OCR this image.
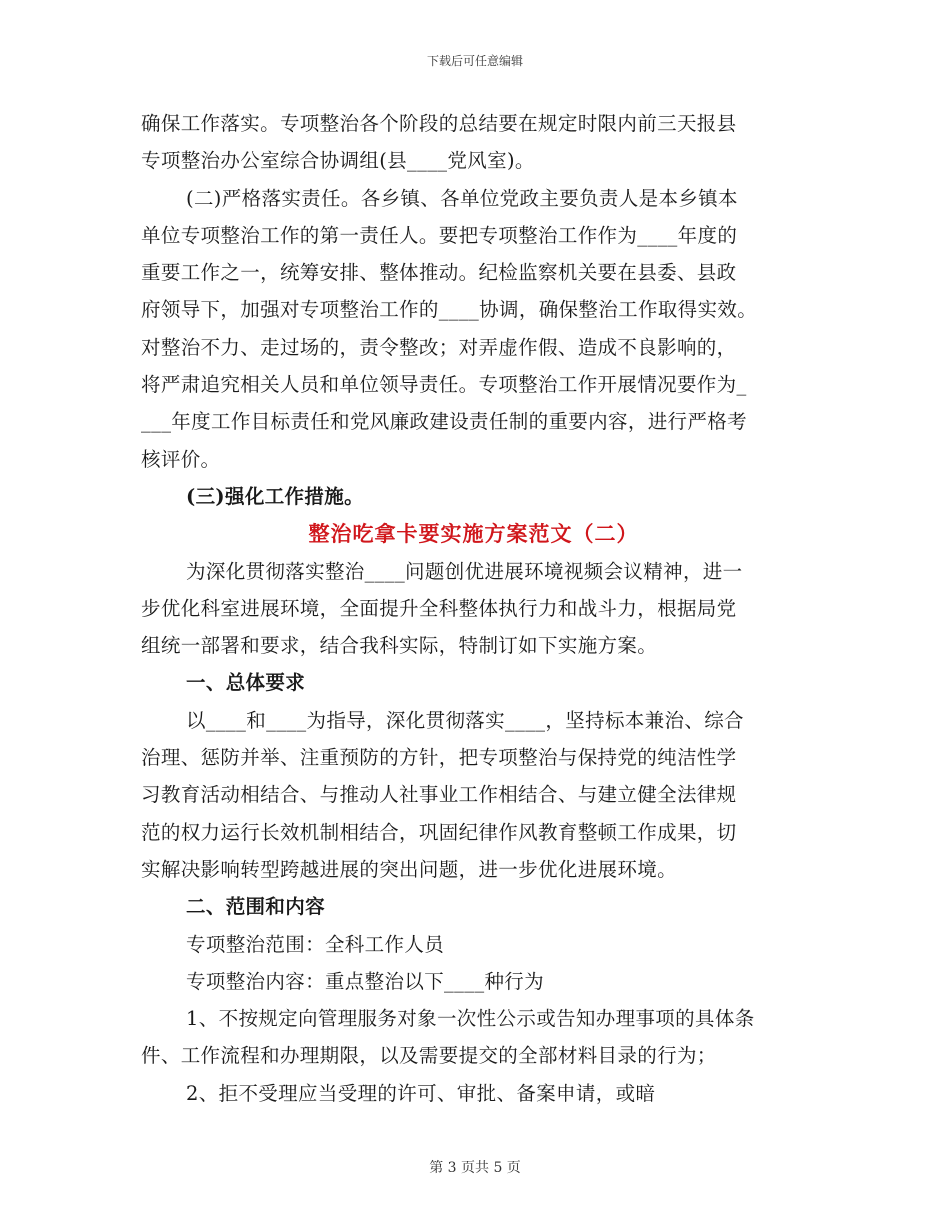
下载后可任意编辑
确保工作落实。专项整治各个阶段的总结要在规定时限内前三天报县
专项整治办公室综合协调组(县____党风室)。
(二)严格落实责任。各乡镇、各单位党政主要负责人是本乡镇本
单位专项整治工作的第一责任人。要把专项整治工作作为____年度的
重要工作之一，统筹安排、整体推动。纪检监察机关要在县委、县政
府领导下，加强对专项整治工作的____协调，确保整治工作取得实效。
对整治不力、走过场的，责令整改；对弄虚作假、造成不良影响的，
将严肃追究相关人员和单位领导责任。专项整治工作开展情况要作为_
___年度工作目标责任和党风廉政建设责任制的重要内容，进行严格考
核评价。
(三)强化工作措施。
整治吃拿卡要实施方案范文（二）
为深化贯彻落实整治____问题创优进展环境视频会议精神，进一
步优化科室进展环境，全面提升全科整体执行力和战斗力，根据局党
组统一部署和要求，结合我科实际，特制订如下实施方案。
一、总体要求
以____和____为指导，深化贯彻落实____，坚持标本兼治、综合
治理、惩防并举、注重预防的方针，把专项整治与保持党的纯洁性学
习教育活动相结合、与推动人社事业工作相结合、与建立健全法律规
范的权力运行长效机制相结合，巩固纪律作风教育整顿工作成果，切
实解决影响转型跨越进展的突出问题，进一步优化进展环境。
二、范围和内容
专项整治范围：全科工作人员
专项整治内容：重点整治以下____种行为
1、不按规定向管理服务对象一次性公示或告知办理事项的具体条
件、工作流程和办理期限，以及需要提交的全部材料目录的行为；
2、拒不受理应当受理的许可、审批、备案申请，或暗
第 3 页共 5 页
